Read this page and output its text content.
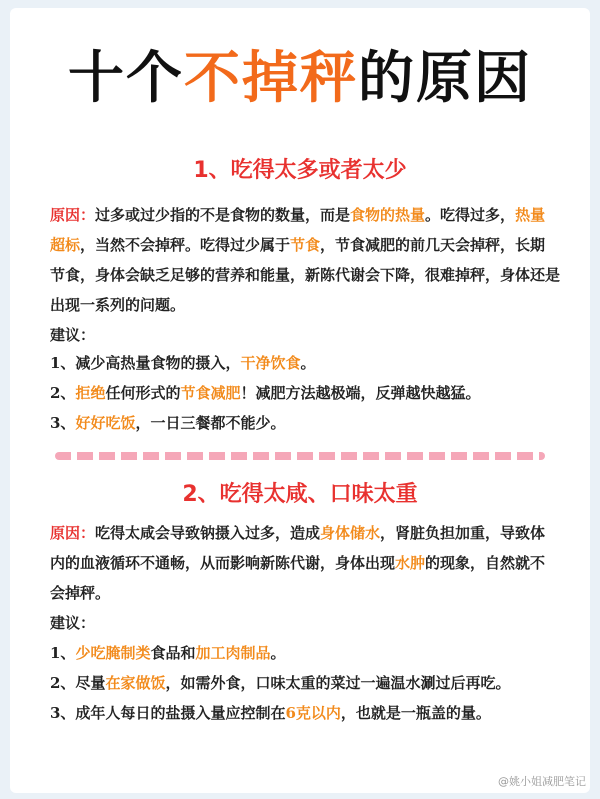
十个不掉秤的原因
1、吃得太多或者太少
原因：过多或过少指的不是食物的数量，而是食物的热量。吃得过多，热量超标，当然不会掉秤。吃得过少属于节食，节食减肥的前几天会掉秤，长期节食，身体会缺乏足够的营养和能量，新陈代谢会下降，很难掉秤，身体还是出现一系列的问题。
建议：
1、减少高热量食物的摄入，干净饮食。
2、拒绝任何形式的节食减肥！减肥方法越极端，反弹越快越猛。
3、好好吃饭，一日三餐都不能少。
2、吃得太咸、口味太重
原因：吃得太咸会导致钠摄入过多，造成身体储水，肾脏负担加重，导致体内的血液循环不通畅，从而影响新陈代谢，身体出现水肿的现象，自然就不会掉秤。
建议：
1、少吃腌制类食品和加工肉制品。
2、尽量在家做饭，如需外食，口味太重的菜过一遍温水涮过后再吃。
3、成年人每日的盐摄入量应控制在6克以内，也就是一瓶盖的量。
@姚小姐减肥笔记
